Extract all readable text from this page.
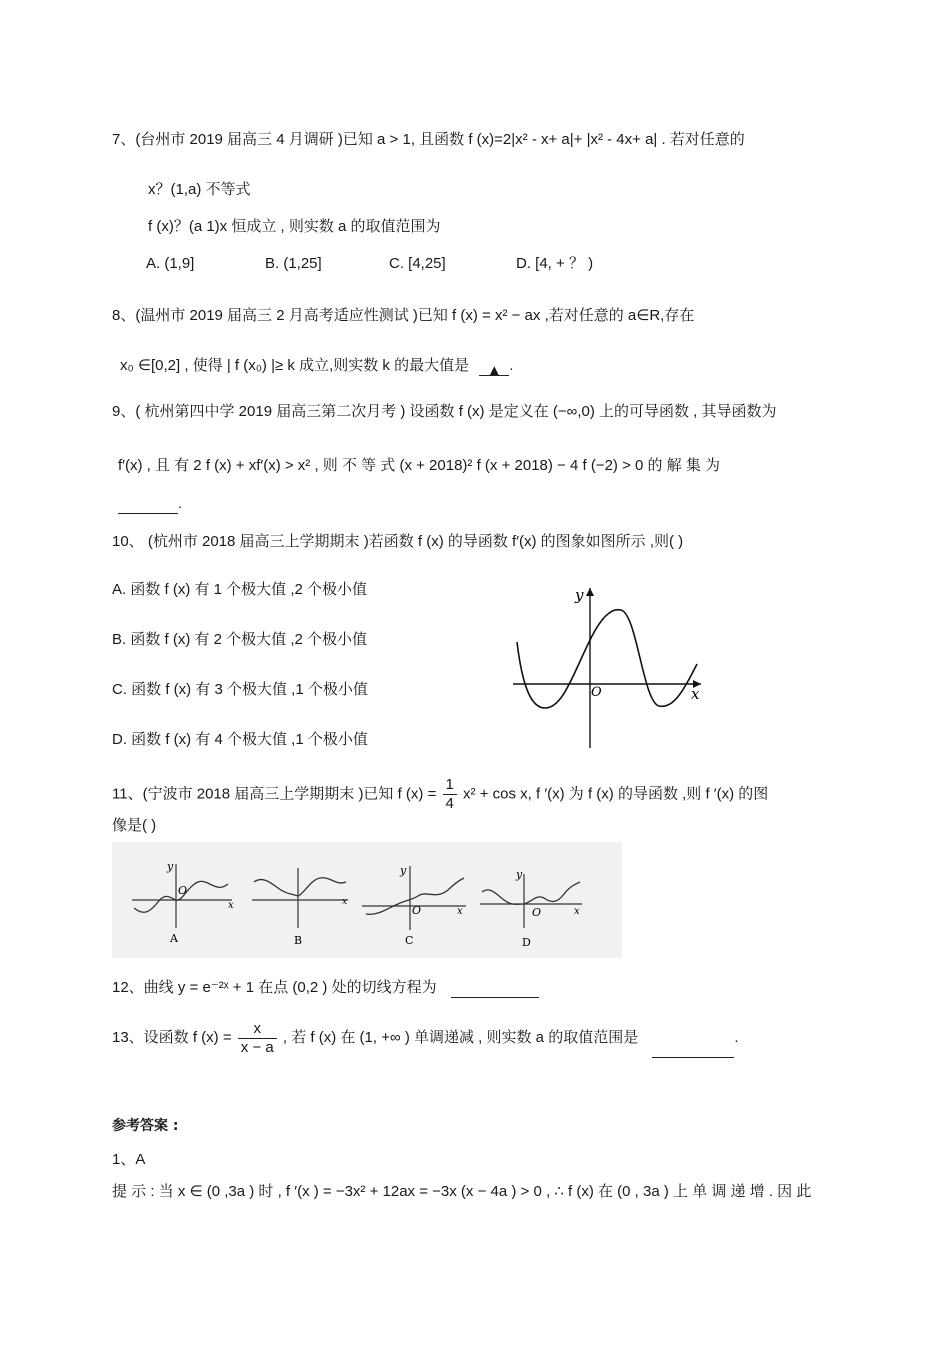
7、(台州市 2019 届高三 4 月调研 )已知 a > 1, 且函数 f (x)=2|x² - x+ a|+ |x² - 4x+ a| . 若对任意的
x？(1,a) 不等式
f (x)？(a 1)x 恒成立 , 则实数 a 的取值范围为
A. (1,9]	B. (1,25]	C. [4,25]	D. [4, + ？ )
8、(温州市 2019 届高三 2 月高考适应性测试 )已知 f (x) = x² − ax ,若对任意的 a∈R,存在
x₀ ∈[0,2] , 使得 | f (x₀) |≥ k 成立,则实数 k 的最大值是 ▲ .
9、( 杭州第四中学 2019 届高三第二次月考 ) 设函数 f (x) 是定义在 (−∞,0) 上的可导函数 , 其导函数为
f′(x) , 且 有 2 f (x) + xf′(x) > x² , 则 不 等 式 (x + 2018)² f (x + 2018) − 4 f (−2) > 0 的 解 集 为
.
10、 (杭州市 2018 届高三上学期期末 )若函数 f (x) 的导函数 f′(x) 的图象如图所示 ,则( )
A. 函数 f (x) 有 1 个极大值 ,2 个极小值
B. 函数 f (x) 有 2 个极大值 ,2 个极小值
C. 函数 f (x) 有 3 个极大值 ,1 个极小值
D. 函数 f (x) 有 4 个极大值 ,1 个极小值
x
y
O
11、(宁波市 2018 届高三上学期期末 )已知 f $(x) = \frac{1}{4} x^2 + \cos x$, f ′(x) 为 f (x) 的导函数 ,则 f ′(x) 的图
像是( )
x
y
O
A
x
B
x
y
O
C
x
y
O
D
12、曲线 y = e⁻²ˣ + 1 在点 (0,2 ) 处的切线方程为
13、设函数 f $(x) = \frac{x}{x - a}$ , 若 f (x) 在 (1, +∞ ) 单调递减 , 则实数 a 的取值范围是	.
参考答案 :
1、A
提 示 : 当 x ∈ (0 ,3a ) 时 , f ′(x ) = −3x² + 12ax = −3x (x − 4a ) > 0 , ∴ f (x) 在 (0 , 3a ) 上 单 调 递 增 . 因 此
